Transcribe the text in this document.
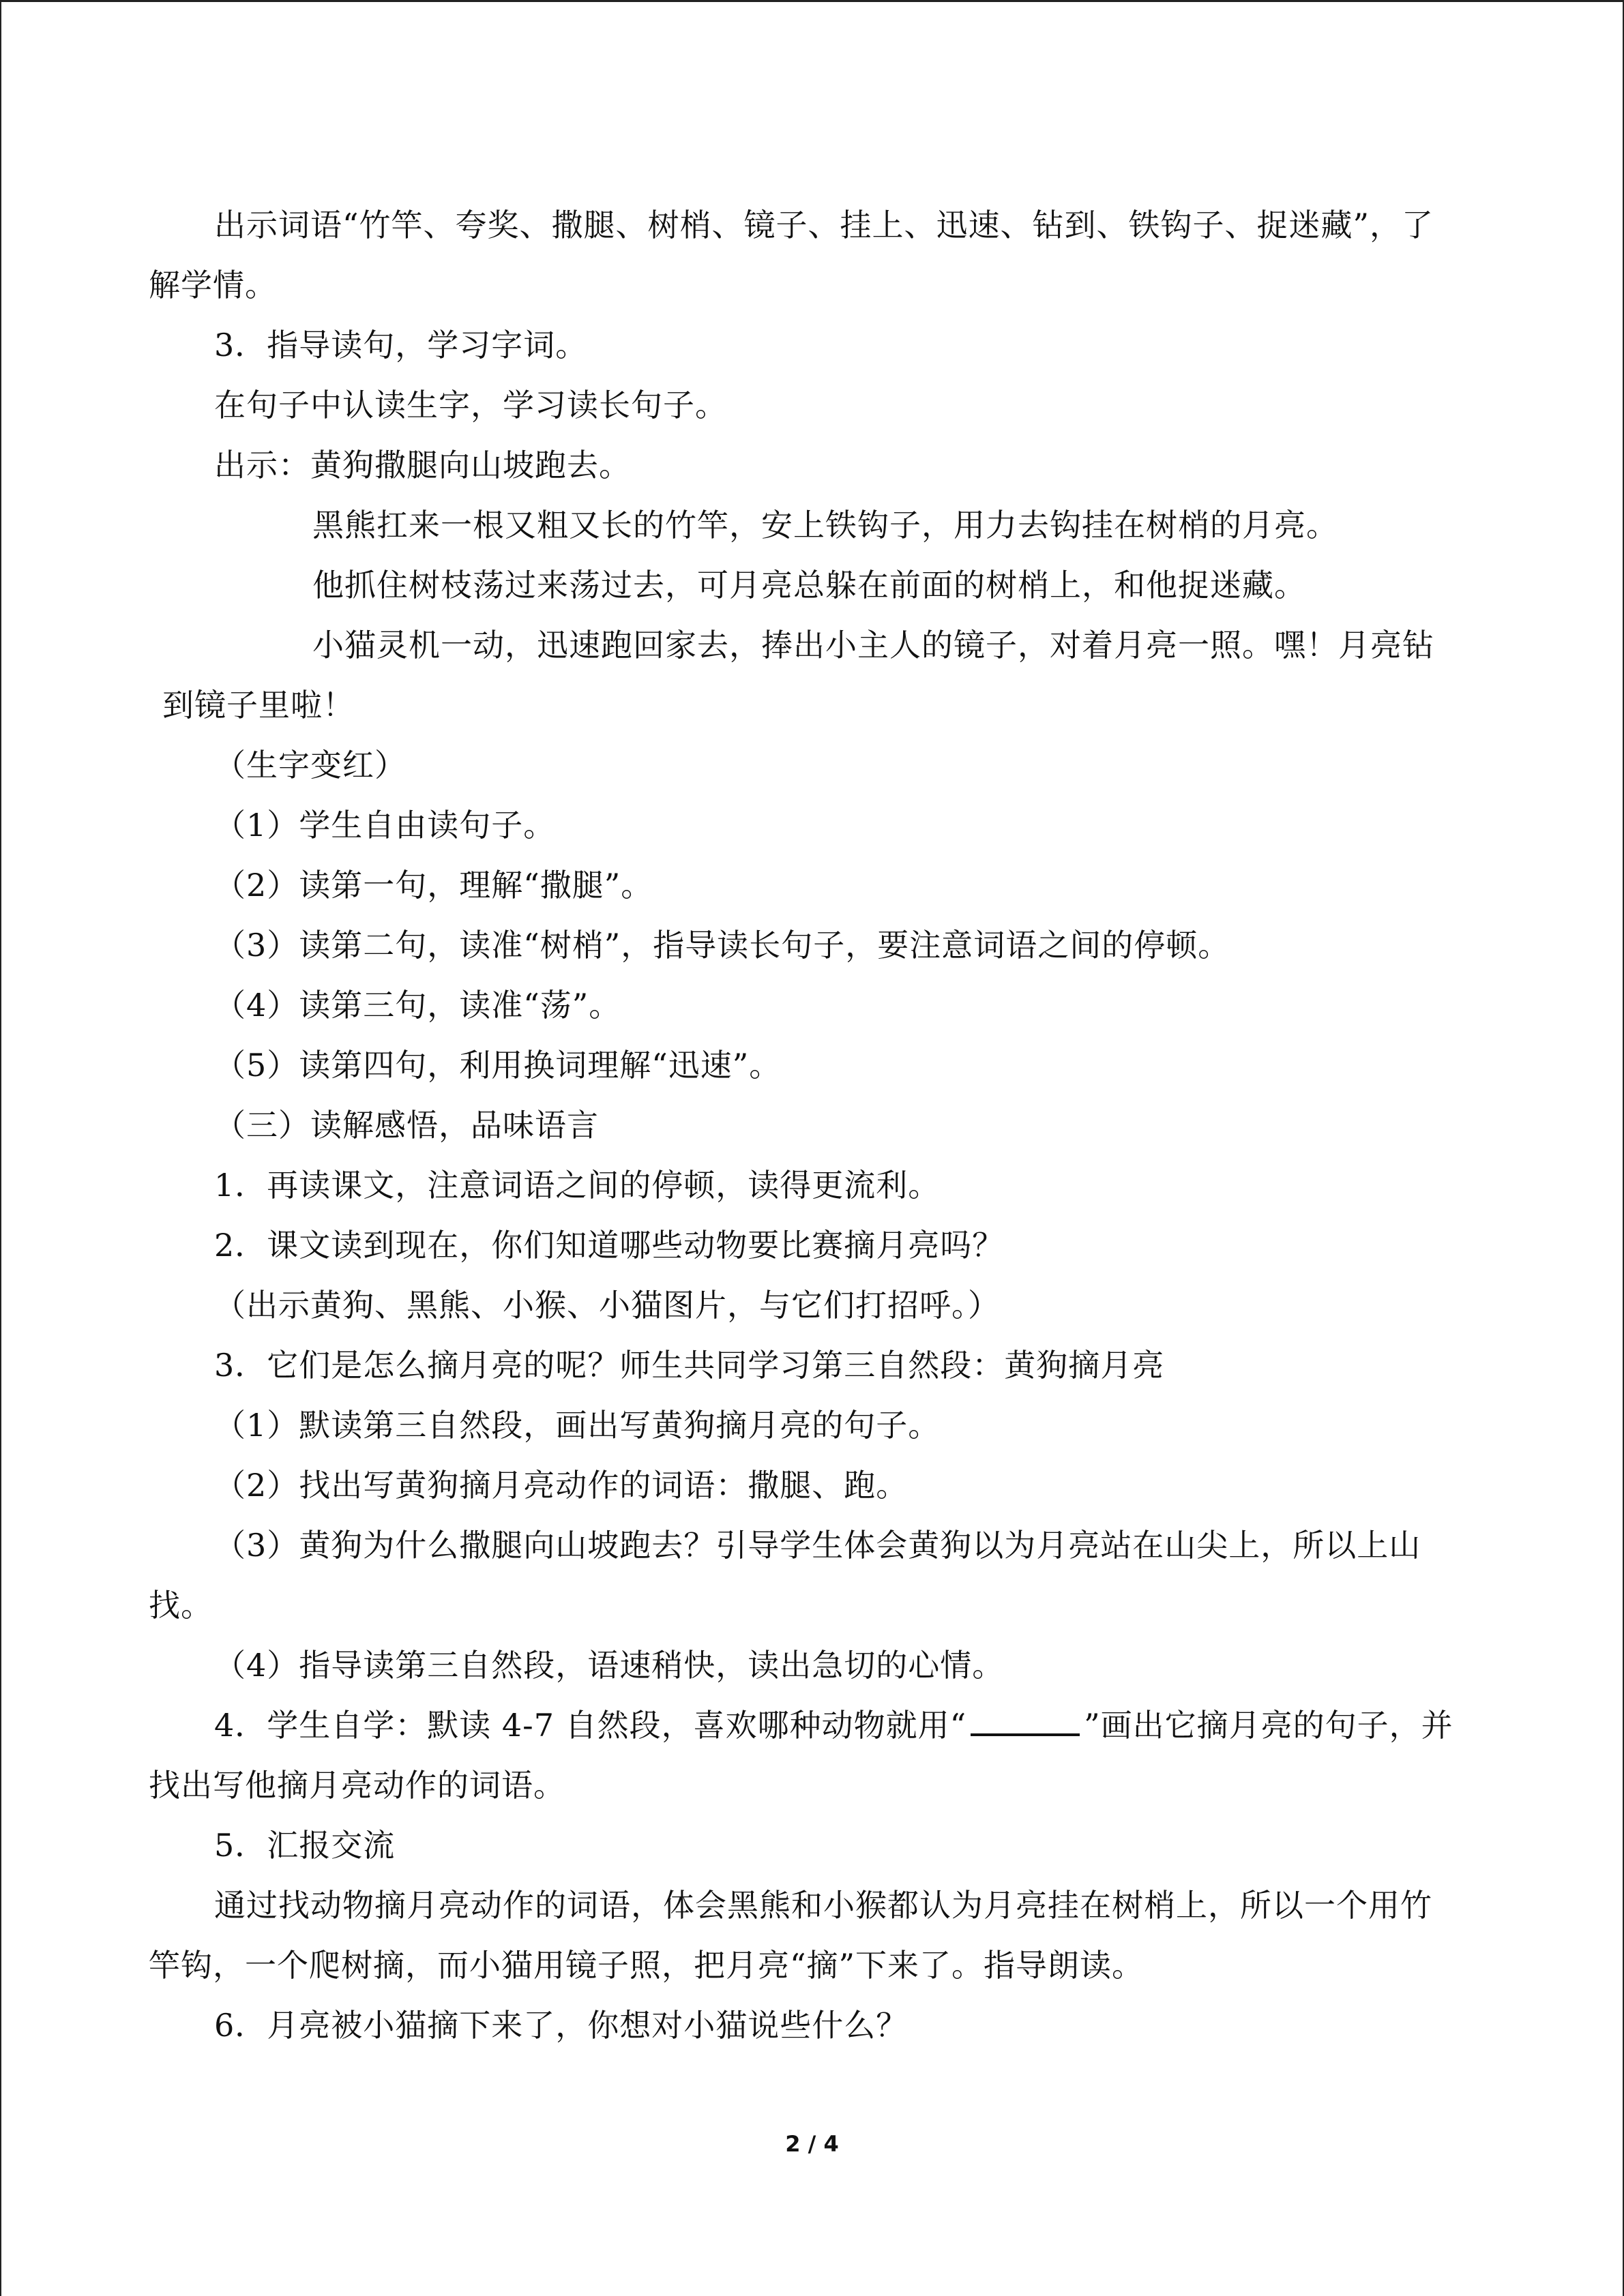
出示词语“竹竿、夸奖、撒腿、树梢、镜子、挂上、迅速、钻到、铁钩子、捉迷藏”，了
解学情。
3．指导读句，学习字词。
在句子中认读生字，学习读长句子。
出示：黄狗撒腿向山坡跑去。
黑熊扛来一根又粗又长的竹竿，安上铁钩子，用力去钩挂在树梢的月亮。
他抓住树枝荡过来荡过去，可月亮总躲在前面的树梢上，和他捉迷藏。
小猫灵机一动，迅速跑回家去，捧出小主人的镜子，对着月亮一照。嘿！月亮钻
到镜子里啦！
（生字变红）
（1）学生自由读句子。
（2）读第一句，理解“撒腿”。
（3）读第二句，读准“树梢”，指导读长句子，要注意词语之间的停顿。
（4）读第三句，读准“荡”。
（5）读第四句，利用换词理解“迅速”。
（三）读解感悟，品味语言
1．再读课文，注意词语之间的停顿，读得更流利。
2．课文读到现在，你们知道哪些动物要比赛摘月亮吗？
（出示黄狗、黑熊、小猴、小猫图片，与它们打招呼。）
3．它们是怎么摘月亮的呢？师生共同学习第三自然段：黄狗摘月亮
（1）默读第三自然段，画出写黄狗摘月亮的句子。
（2）找出写黄狗摘月亮动作的词语：撒腿、跑。
（3）黄狗为什么撒腿向山坡跑去？引导学生体会黄狗以为月亮站在山尖上，所以上山
找。
（4）指导读第三自然段，语速稍快，读出急切的心情。
4．学生自学：默读 4-7 自然段，喜欢哪种动物就用“	”画出它摘月亮的句子，并
找出写他摘月亮动作的词语。
5．汇报交流
通过找动物摘月亮动作的词语，体会黑熊和小猴都认为月亮挂在树梢上，所以一个用竹
竿钩，一个爬树摘，而小猫用镜子照，把月亮“摘”下来了。指导朗读。
6．月亮被小猫摘下来了，你想对小猫说些什么？
2 / 4
